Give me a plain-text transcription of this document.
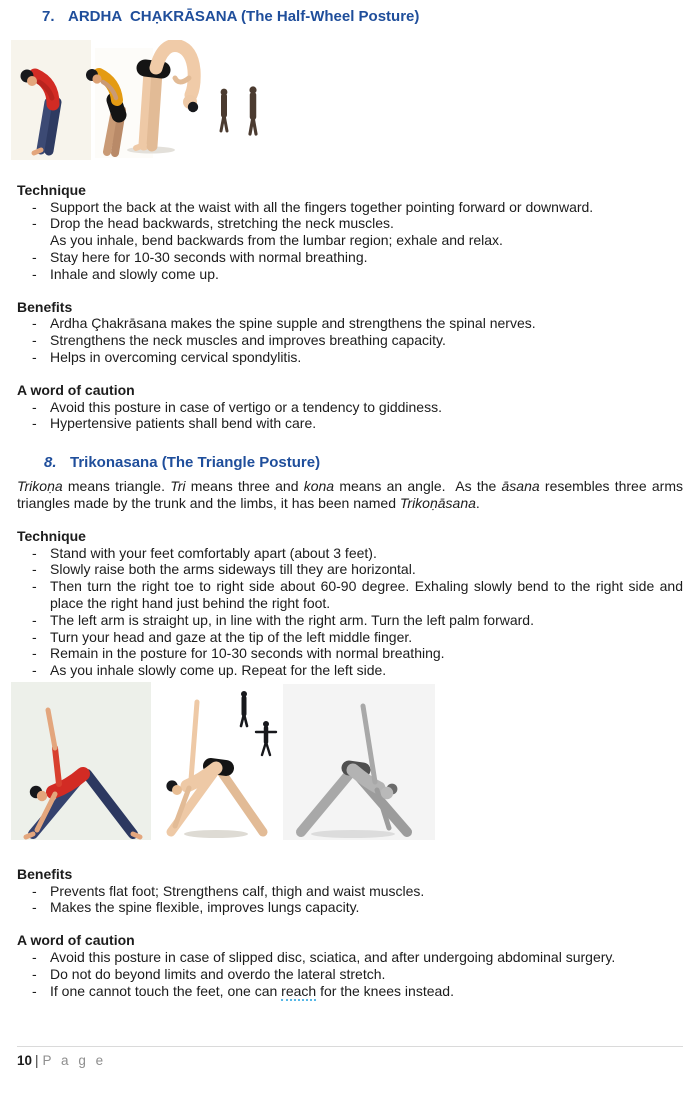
7. ARDHA  CHẠKRĀSANA (The Half-Wheel Posture)
Technique
- Support the back at the waist with all the fingers together pointing forward or downward.
- Drop the head backwards, stretching the neck muscles.
As you inhale, bend backwards from the lumbar region; exhale and relax.
- Stay here for 10-30 seconds with normal breathing.
- Inhale and slowly come up.
Benefits
- Ardha Çhakrāsana makes the spine supple and strengthens the spinal nerves.
- Strengthens the neck muscles and improves breathing capacity.
- Helps in overcoming cervical spondylitis.
A word of caution
- Avoid this posture in case of vertigo or a tendency to giddiness.
- Hypertensive patients shall bend with care.
8. Trikonasana (The Triangle Posture)

Trikoṇa means triangle. Tri means three and kona means an angle.  As the āsana resembles three arms triangles made by the trunk and the limbs, it has been named Trikoṇāsana.

Technique
- Stand with your feet comfortably apart (about 3 feet).
- Slowly raise both the arms sideways till they are horizontal.
- Then turn the right toe to right side about 60-90 degree. Exhaling slowly bend to the right side and place the right hand just behind the right foot.
- The left arm is straight up, in line with the right arm. Turn the left palm forward.
- Turn your head and gaze at the tip of the left middle finger.
- Remain in the posture for 10-30 seconds with normal breathing.
- As you inhale slowly come up. Repeat for the left side.
Benefits
- Prevents flat foot; Strengthens calf, thigh and waist muscles.
- Makes the spine flexible, improves lungs capacity.
A word of caution
- Avoid this posture in case of slipped disc, sciatica, and after undergoing abdominal surgery.
- Do not do beyond limits and overdo the lateral stretch.
- If one cannot touch the feet, one can reach for the knees instead.
10 | P a g e
